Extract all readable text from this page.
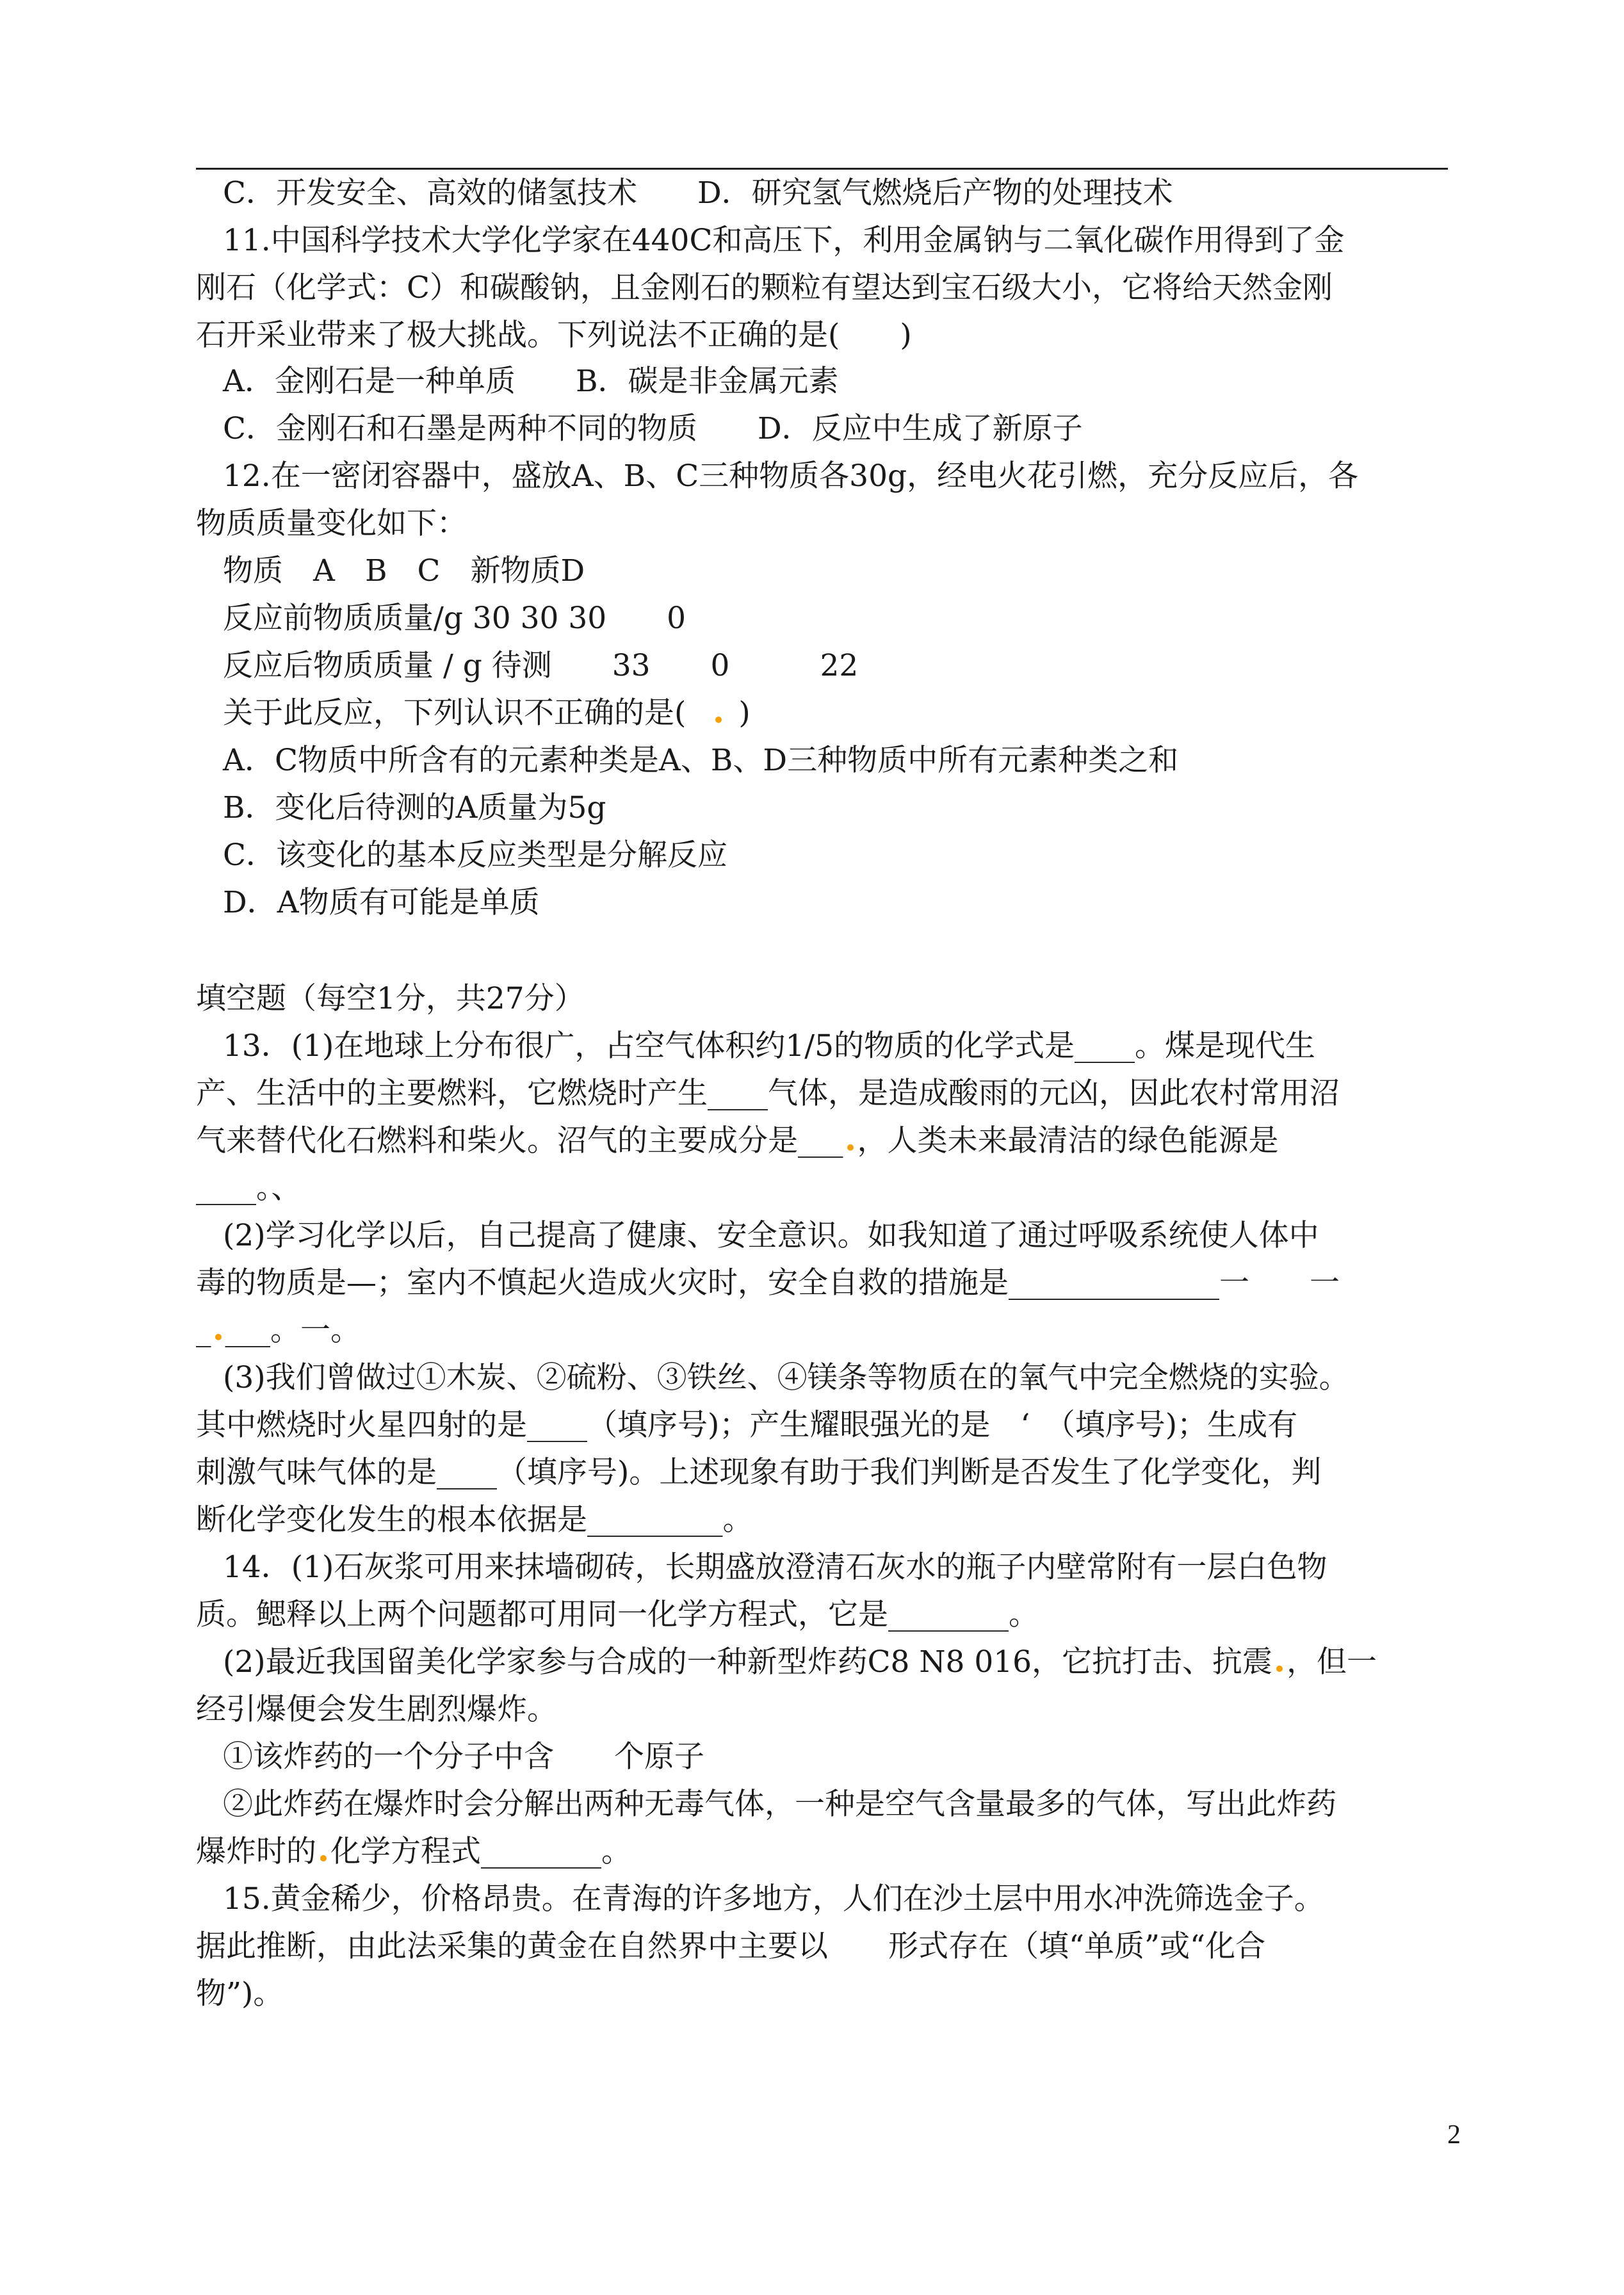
C．开发安全、高效的储氢技术　　D．研究氢气燃烧后产物的处理技术
11.中国科学技术大学化学家在440C和高压下，利用金属钠与二氧化碳作用得到了金
刚石（化学式：C）和碳酸钠，且金刚石的颗粒有望达到宝石级大小，它将给天然金刚
石开采业带来了极大挑战。下列说法不正确的是(　　)
A．金刚石是一种单质　　B．碳是非金属元素
C．金刚石和石墨是两种不同的物质　　D．反应中生成了新原子
12.在一密闭容器中，盛放A、B、C三种物质各30g，经电火花引燃，充分反应后，各
物质质量变化如下：
物质　A　B　C　新物质D
反应前物质质量/g 30 30 30　　0
反应后物质质量 / g 待测　　33　　0　　　22
关于此反应，下列认识不正确的是( )
A．C物质中所含有的元素种类是A、B、D三种物质中所有元素种类之和
B．变化后待测的A质量为5g
C．该变化的基本反应类型是分解反应
D．A物质有可能是单质
填空题（每空1分，共27分）
13．(1)在地球上分布很广，占空气体积约1/5的物质的化学式是____。煤是现代生
产、生活中的主要燃料，它燃烧时产生____气体，是造成酸雨的元凶，因此农村常用沼
气来替代化石燃料和柴火。沼气的主要成分是___ ，人类未来最清洁的绿色能源是
____。、
(2)学习化学以后，自己提高了健康、安全意识。如我知道了通过呼吸系统使人体中
毒的物质是—；室内不慎起火造成火灾时，安全自救的措施是______________一　　一
_ ___。一。
(3)我们曾做过①木炭、②硫粉、③铁丝、④镁条等物质在的氧气中完全燃烧的实验。
其中燃烧时火星四射的是____（填序号)；产生耀眼强光的是　‘　（填序号)；生成有
刺激气味气体的是____（填序号)。上述现象有助于我们判断是否发生了化学变化，判
断化学变化发生的根本依据是_________。
14．(1)石灰浆可用来抹墙砌砖，长期盛放澄清石灰水的瓶子内壁常附有一层白色物
质。鳃释以上两个问题都可用同一化学方程式，它是________。
(2)最近我国留美化学家参与合成的一种新型炸药C8 N8 016，它抗打击、抗震 ，但一
经引爆便会发生剧烈爆炸。
①该炸药的一个分子中含　　个原子
②此炸药在爆炸时会分解出两种无毒气体，一种是空气含量最多的气体，写出此炸药
爆炸时的 化学方程式________。
15.黄金稀少，价格昂贵。在青海的许多地方，人们在沙土层中用水冲洗筛选金子。
据此推断，由此法采集的黄金在自然界中主要以　　形式存在（填“单质”或“化合
物”)。
2
